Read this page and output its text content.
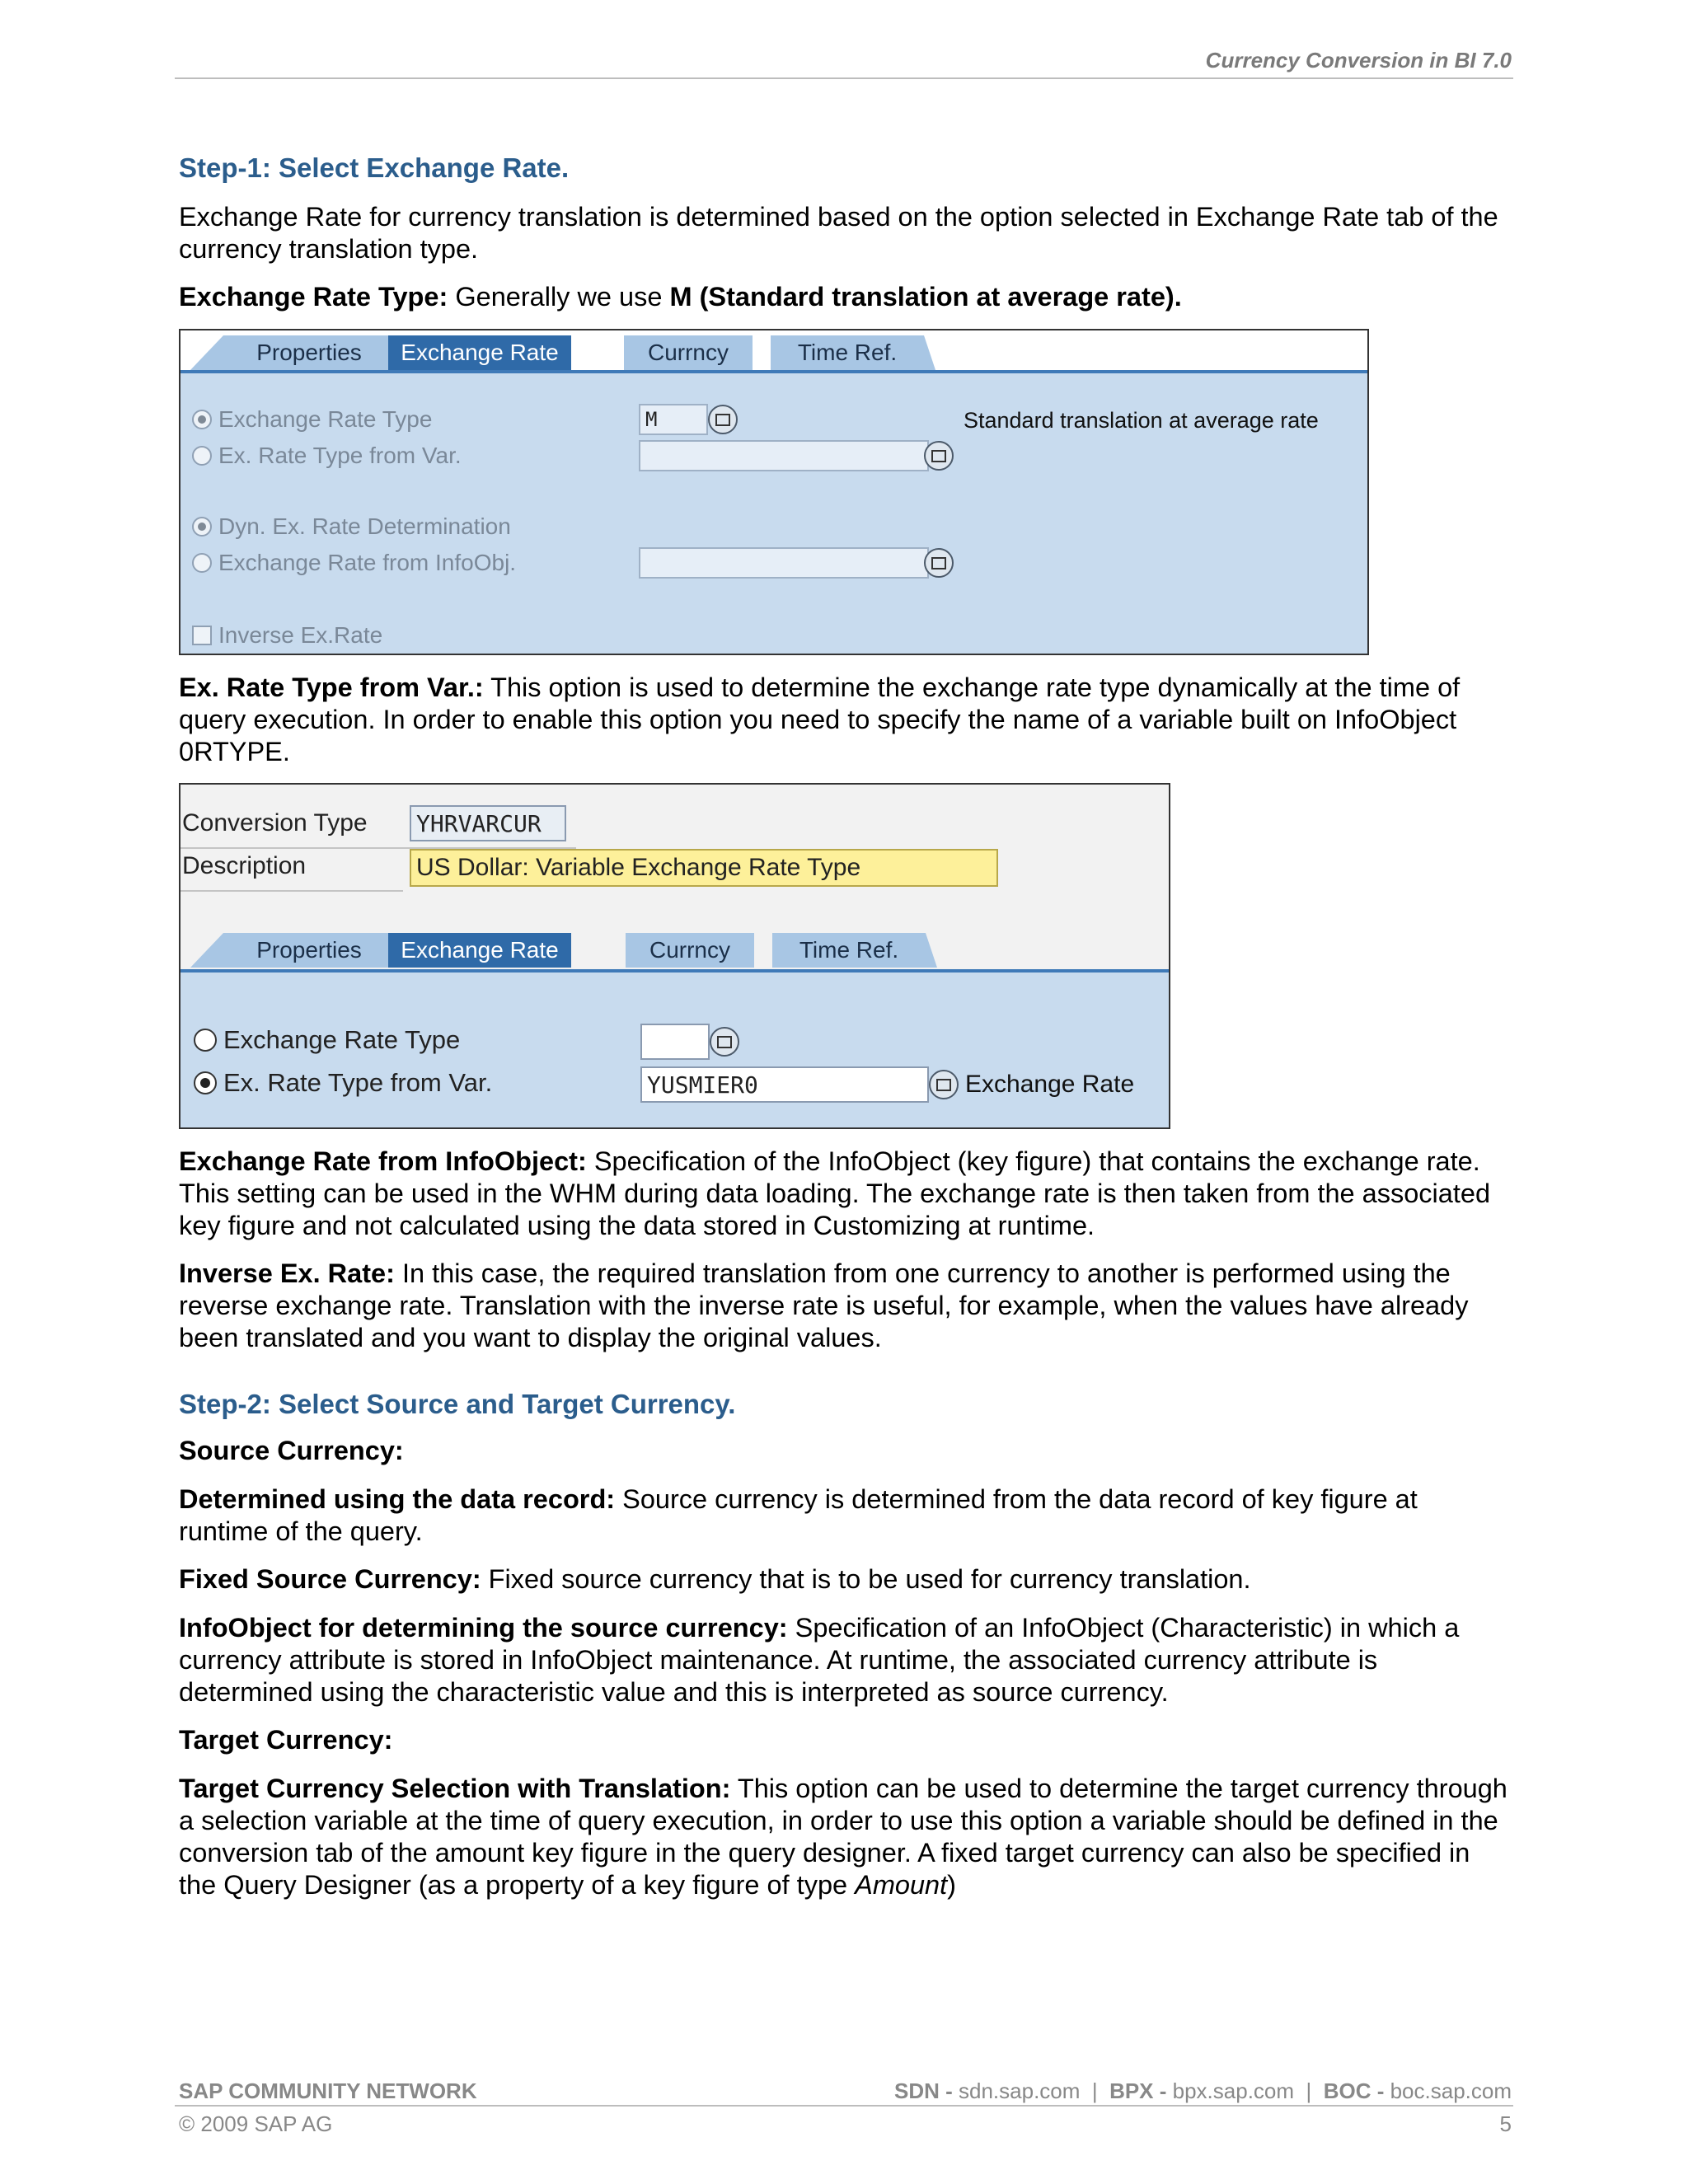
Currency Conversion in BI 7.0
Step-1: Select Exchange Rate.
Exchange Rate for currency translation is determined based on the option selected in Exchange Rate tab of the currency translation type.
Exchange Rate Type: Generally we use M (Standard translation at average rate).
Properties	Exchange Rate	Currncy	Time Ref.
Exchange Rate Type	M	Standard translation at average rate
Ex. Rate Type from Var.
Dyn. Ex. Rate Determination
Exchange Rate from InfoObj.
Inverse Ex.Rate
Ex. Rate Type from Var.: This option is used to determine the exchange rate type dynamically at the time of query execution. In order to enable this option you need to specify the name of a variable built on InfoObject 0RTYPE.
Conversion Type YHRVARCUR
Description	US Dollar: Variable Exchange Rate Type
Properties	Exchange Rate	Currncy	Time Ref.
Exchange Rate Type
Ex. Rate Type from Var.	YUSMIER0	Exchange Rate
Exchange Rate from InfoObject: Specification of the InfoObject (key figure) that contains the exchange rate. This setting can be used in the WHM during data loading. The exchange rate is then taken from the associated key figure and not calculated using the data stored in Customizing at runtime.
Inverse Ex. Rate: In this case, the required translation from one currency to another is performed using the reverse exchange rate. Translation with the inverse rate is useful, for example, when the values have already been translated and you want to display the original values.
Step-2: Select Source and Target Currency.
Source Currency:
Determined using the data record: Source currency is determined from the data record of key figure at runtime of the query.
Fixed Source Currency: Fixed source currency that is to be used for currency translation.
InfoObject for determining the source currency: Specification of an InfoObject (Characteristic) in which a currency attribute is stored in InfoObject maintenance. At runtime, the associated currency attribute is determined using the characteristic value and this is interpreted as source currency.
Target Currency:
Target Currency Selection with Translation: This option can be used to determine the target currency through a selection variable at the time of query execution, in order to use this option a variable should be defined in the conversion tab of the amount key figure in the query designer. A fixed target currency can also be specified in the Query Designer (as a property of a key figure of type Amount)
SAP COMMUNITY NETWORK	SDN - sdn.sap.com  |  BPX - bpx.sap.com  |  BOC - boc.sap.com
© 2009 SAP AG	5
